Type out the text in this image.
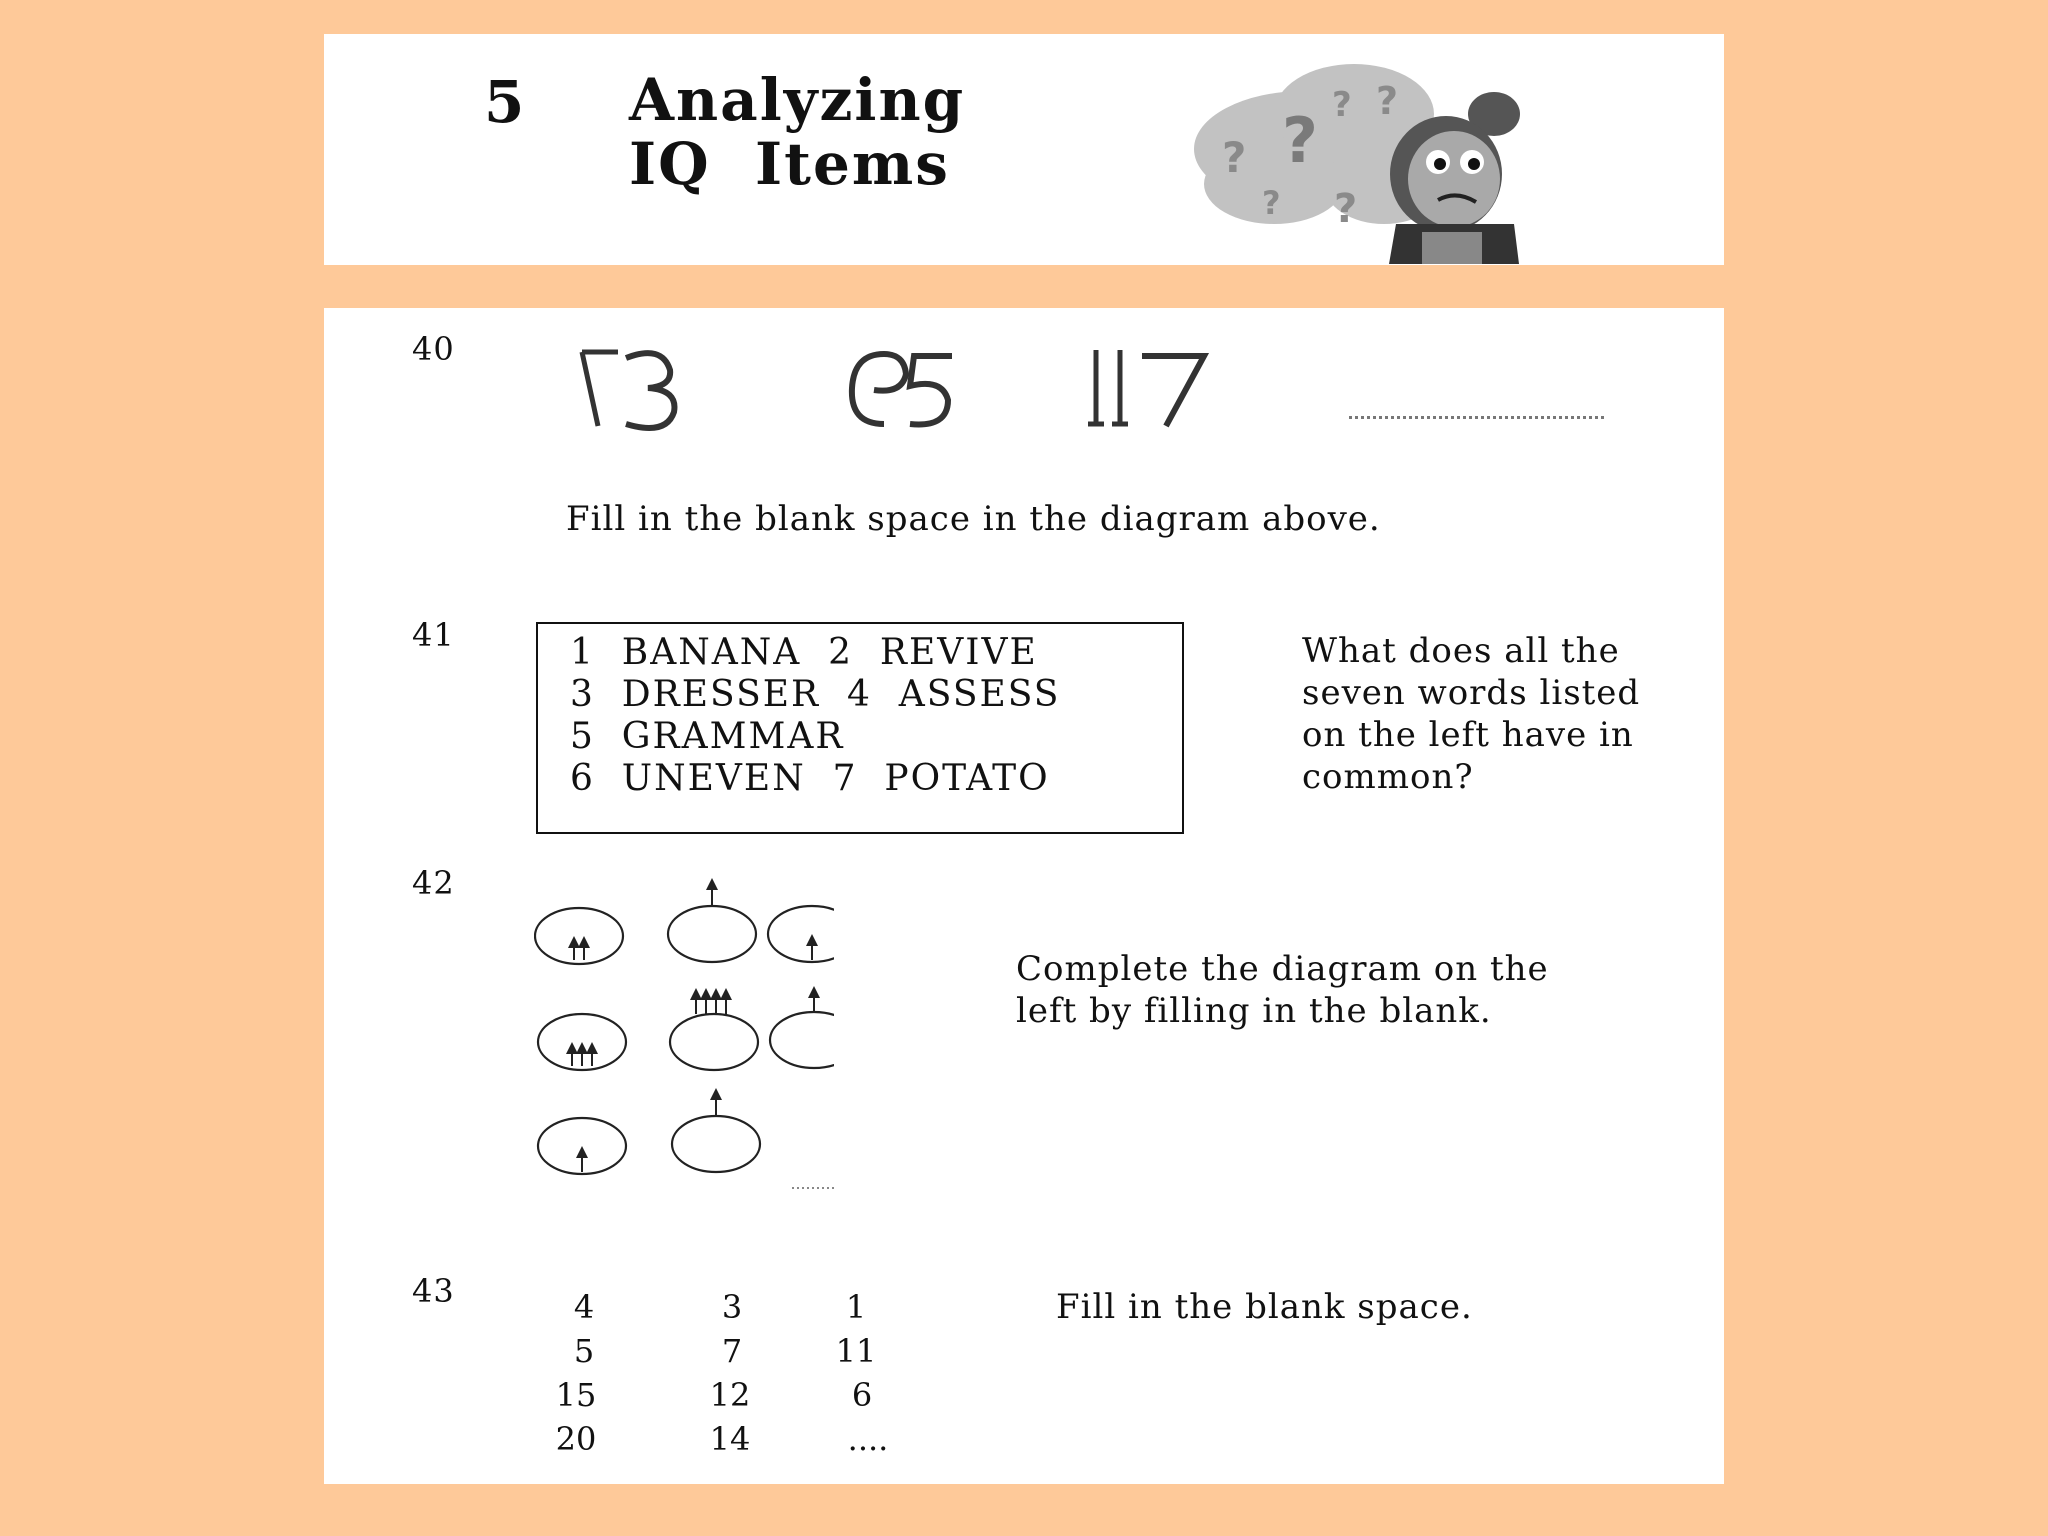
5 Analyzing
IQ  Items	? ? ? ?
? ?
40
Fill in the blank space in the diagram above.
41	1  BANANA  2  REVIVE
3  DRESSER  4  ASSESS
5  GRAMMAR
6  UNEVEN  7  POTATO
What does all the
seven words listed
on the left have in
common?
42
Complete the diagram on the
left by filling in the blank.
43	4	3	1
5	7	11
15	12	6
20	14	....
Fill in the blank space.
